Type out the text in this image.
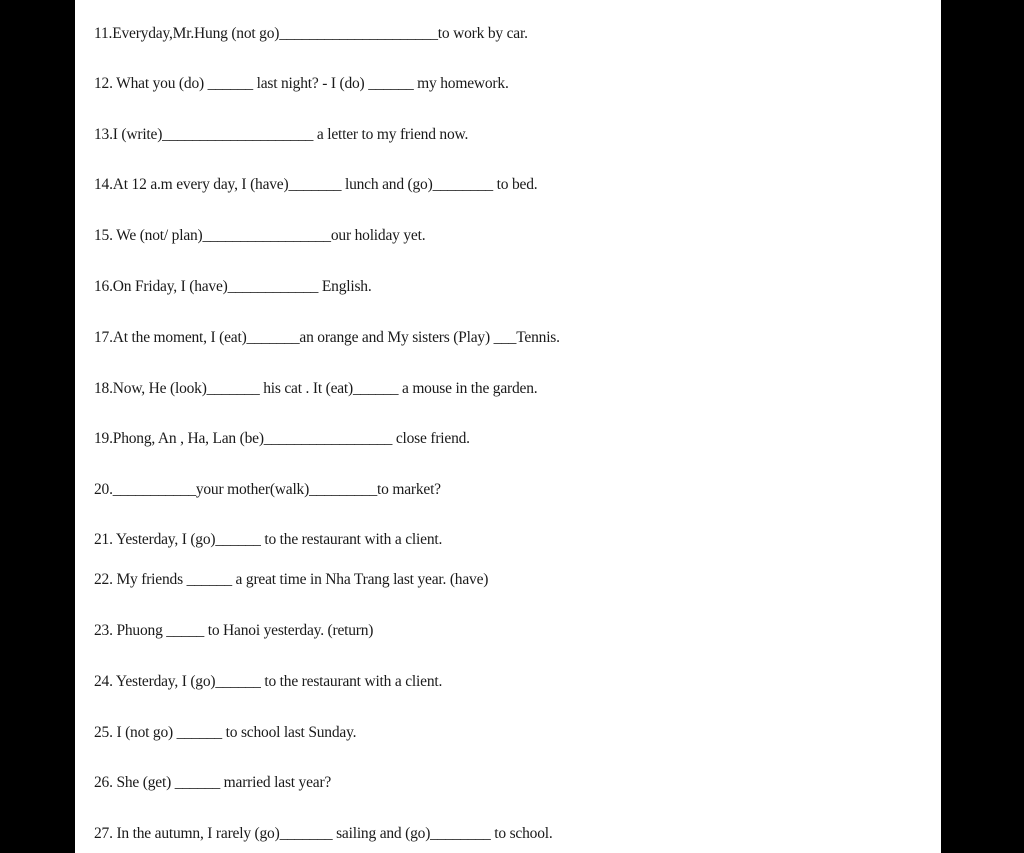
11.Everyday,Mr.Hung (not go)_____________________to work by car.
12. What you (do) ______ last night? - I (do) ______ my homework.
13.I (write)____________________ a letter to my friend now.
14.At 12 a.m every day, I (have)_______ lunch and (go)________ to bed.
15. We (not/ plan)_________________our holiday yet.
16.On Friday, I (have)____________ English.
17.At the moment, I (eat)_______an orange and My sisters (Play) ___Tennis.
18.Now, He (look)_______ his cat . It (eat)______ a mouse in the garden.
19.Phong, An , Ha, Lan (be)_________________ close friend.
20.___________your mother(walk)_________to market?
21. Yesterday, I (go)______ to the restaurant with a client.
22. My friends ______ a great time in Nha Trang last year. (have)
23. Phuong _____ to Hanoi yesterday. (return)
24. Yesterday, I (go)______ to the restaurant with a client.
25. I (not go) ______ to school last Sunday.
26. She (get) ______ married last year?
27. In the autumn, I rarely (go)_______ sailing and (go)________ to school.
